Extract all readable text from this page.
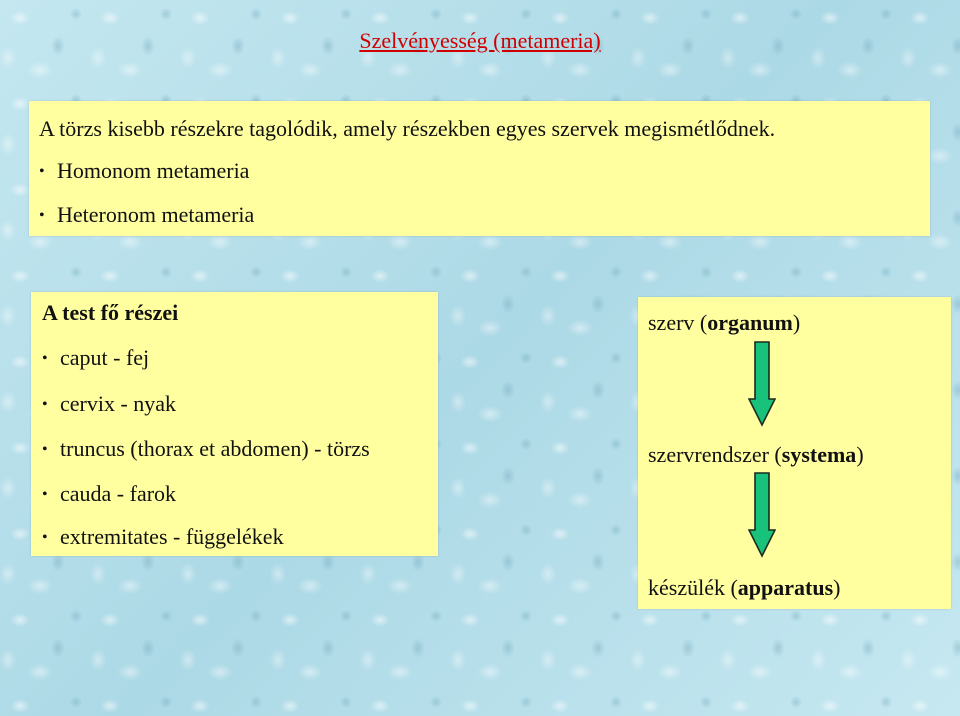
Szelvényesség (metameria)
A törzs kisebb részekre tagolódik, amely részekben egyes szervek megismétlődnek.
• Homonom metameria
• Heteronom metameria
A test fő részei
• caput - fej
• cervix - nyak
• truncus (thorax et abdomen) - törzs
• cauda - farok
• extremitates - függelékek
szerv (organum)
szervrendszer (systema)
készülék (apparatus)
